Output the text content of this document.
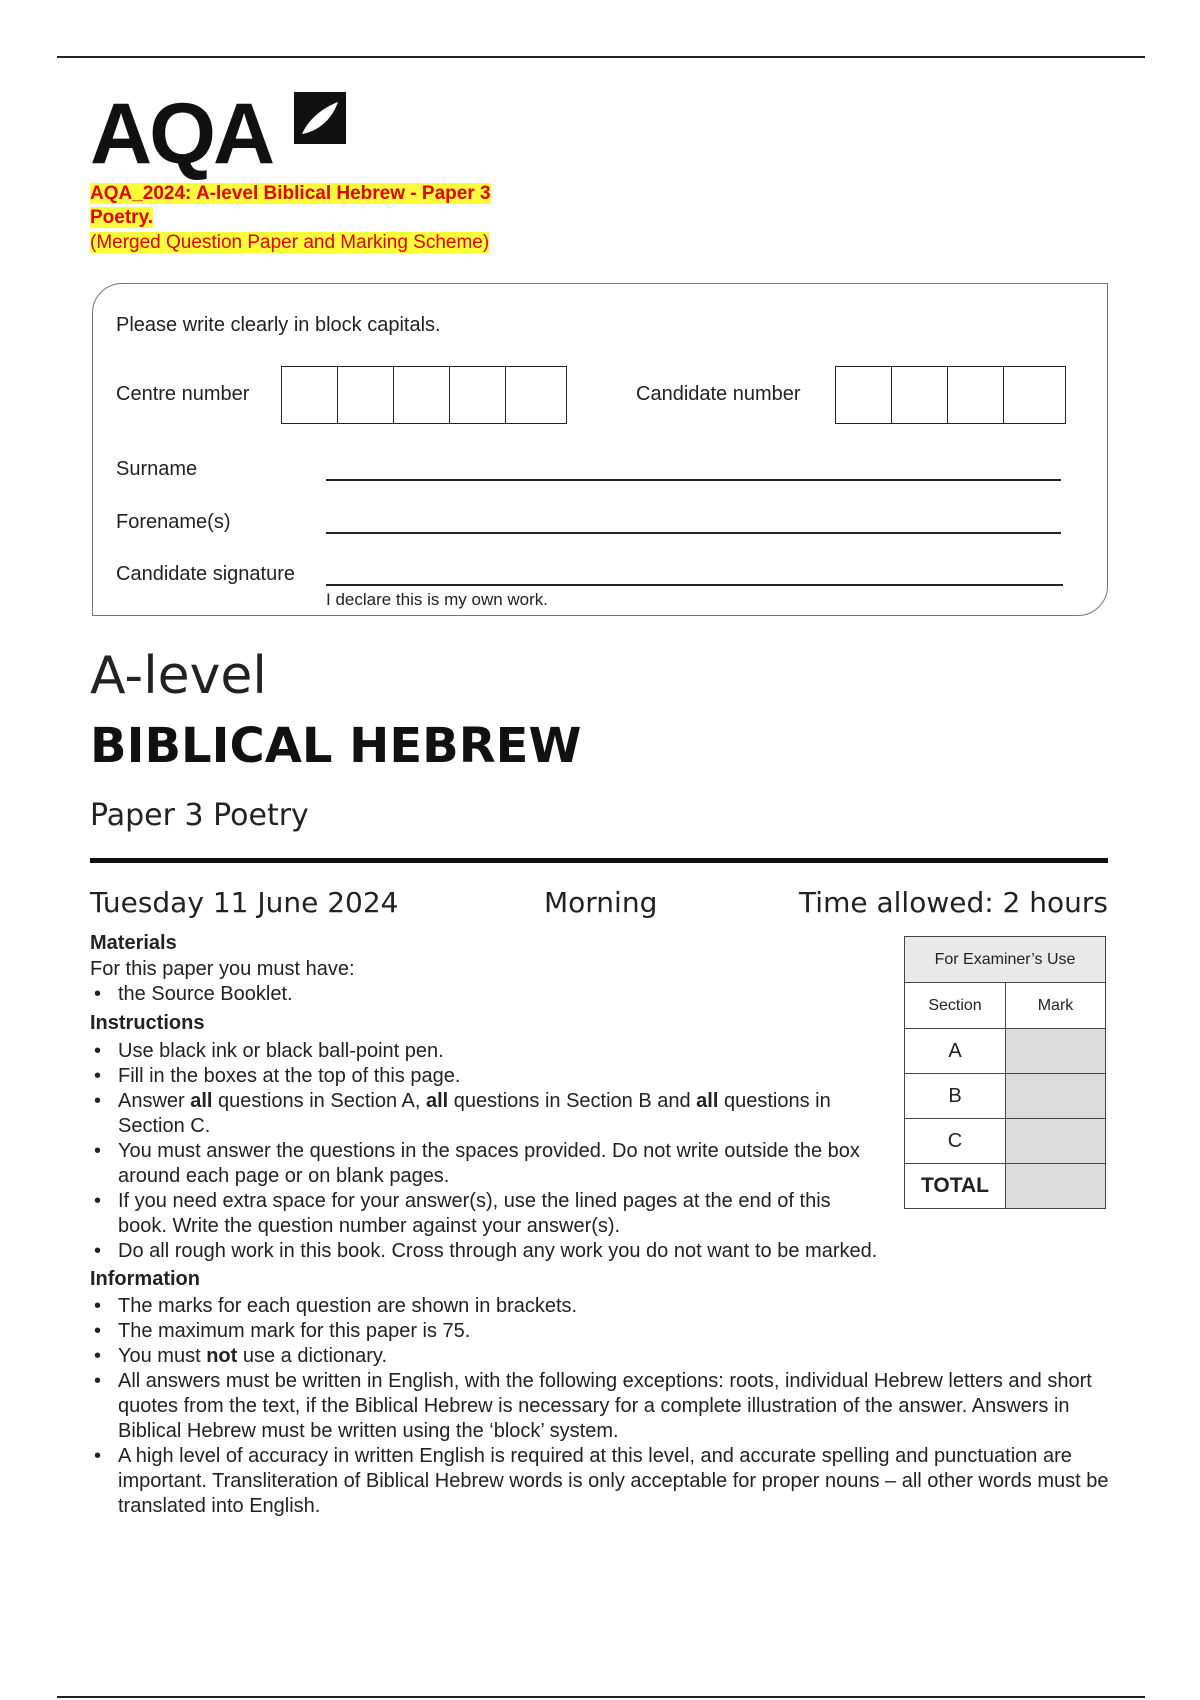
AQA
AQA_2024: A-level Biblical Hebrew - Paper 3
Poetry.
(Merged Question Paper and Marking Scheme)
Please write clearly in block capitals.
Centre number	Candidate number
Surname
Forename(s)
Candidate signature
I declare this is my own work.
A-level
BIBLICAL HEBREW
Paper 3 Poetry
Tuesday 11 June 2024	Morning	Time allowed: 2 hours
Materials
For this paper you must have:
• the Source Booklet.
Instructions
• Use black ink or black ball-point pen.
• Fill in the boxes at the top of this page.
• Answer all questions in Section A, all questions in Section B and all questions in Section C.
• You must answer the questions in the spaces provided. Do not write outside the box around each page or on blank pages.
• If you need extra space for your answer(s), use the lined pages at the end of this book. Write the question number against your answer(s).
• Do all rough work in this book. Cross through any work you do not want to be marked.
Information
• The marks for each question are shown in brackets.
• The maximum mark for this paper is 75.
• You must not use a dictionary.
• All answers must be written in English, with the following exceptions: roots, individual Hebrew letters and short quotes from the text, if the Biblical Hebrew is necessary for a complete illustration of the answer. Answers in Biblical Hebrew must be written using the ‘block’ system.
• A high level of accuracy in written English is required at this level, and accurate spelling and punctuation are important. Transliteration of Biblical Hebrew words is only acceptable for proper nouns – all other words must be translated into English.
For Examiner’s Use	
Section	Mark
A	
B	
C	
TOTAL	
